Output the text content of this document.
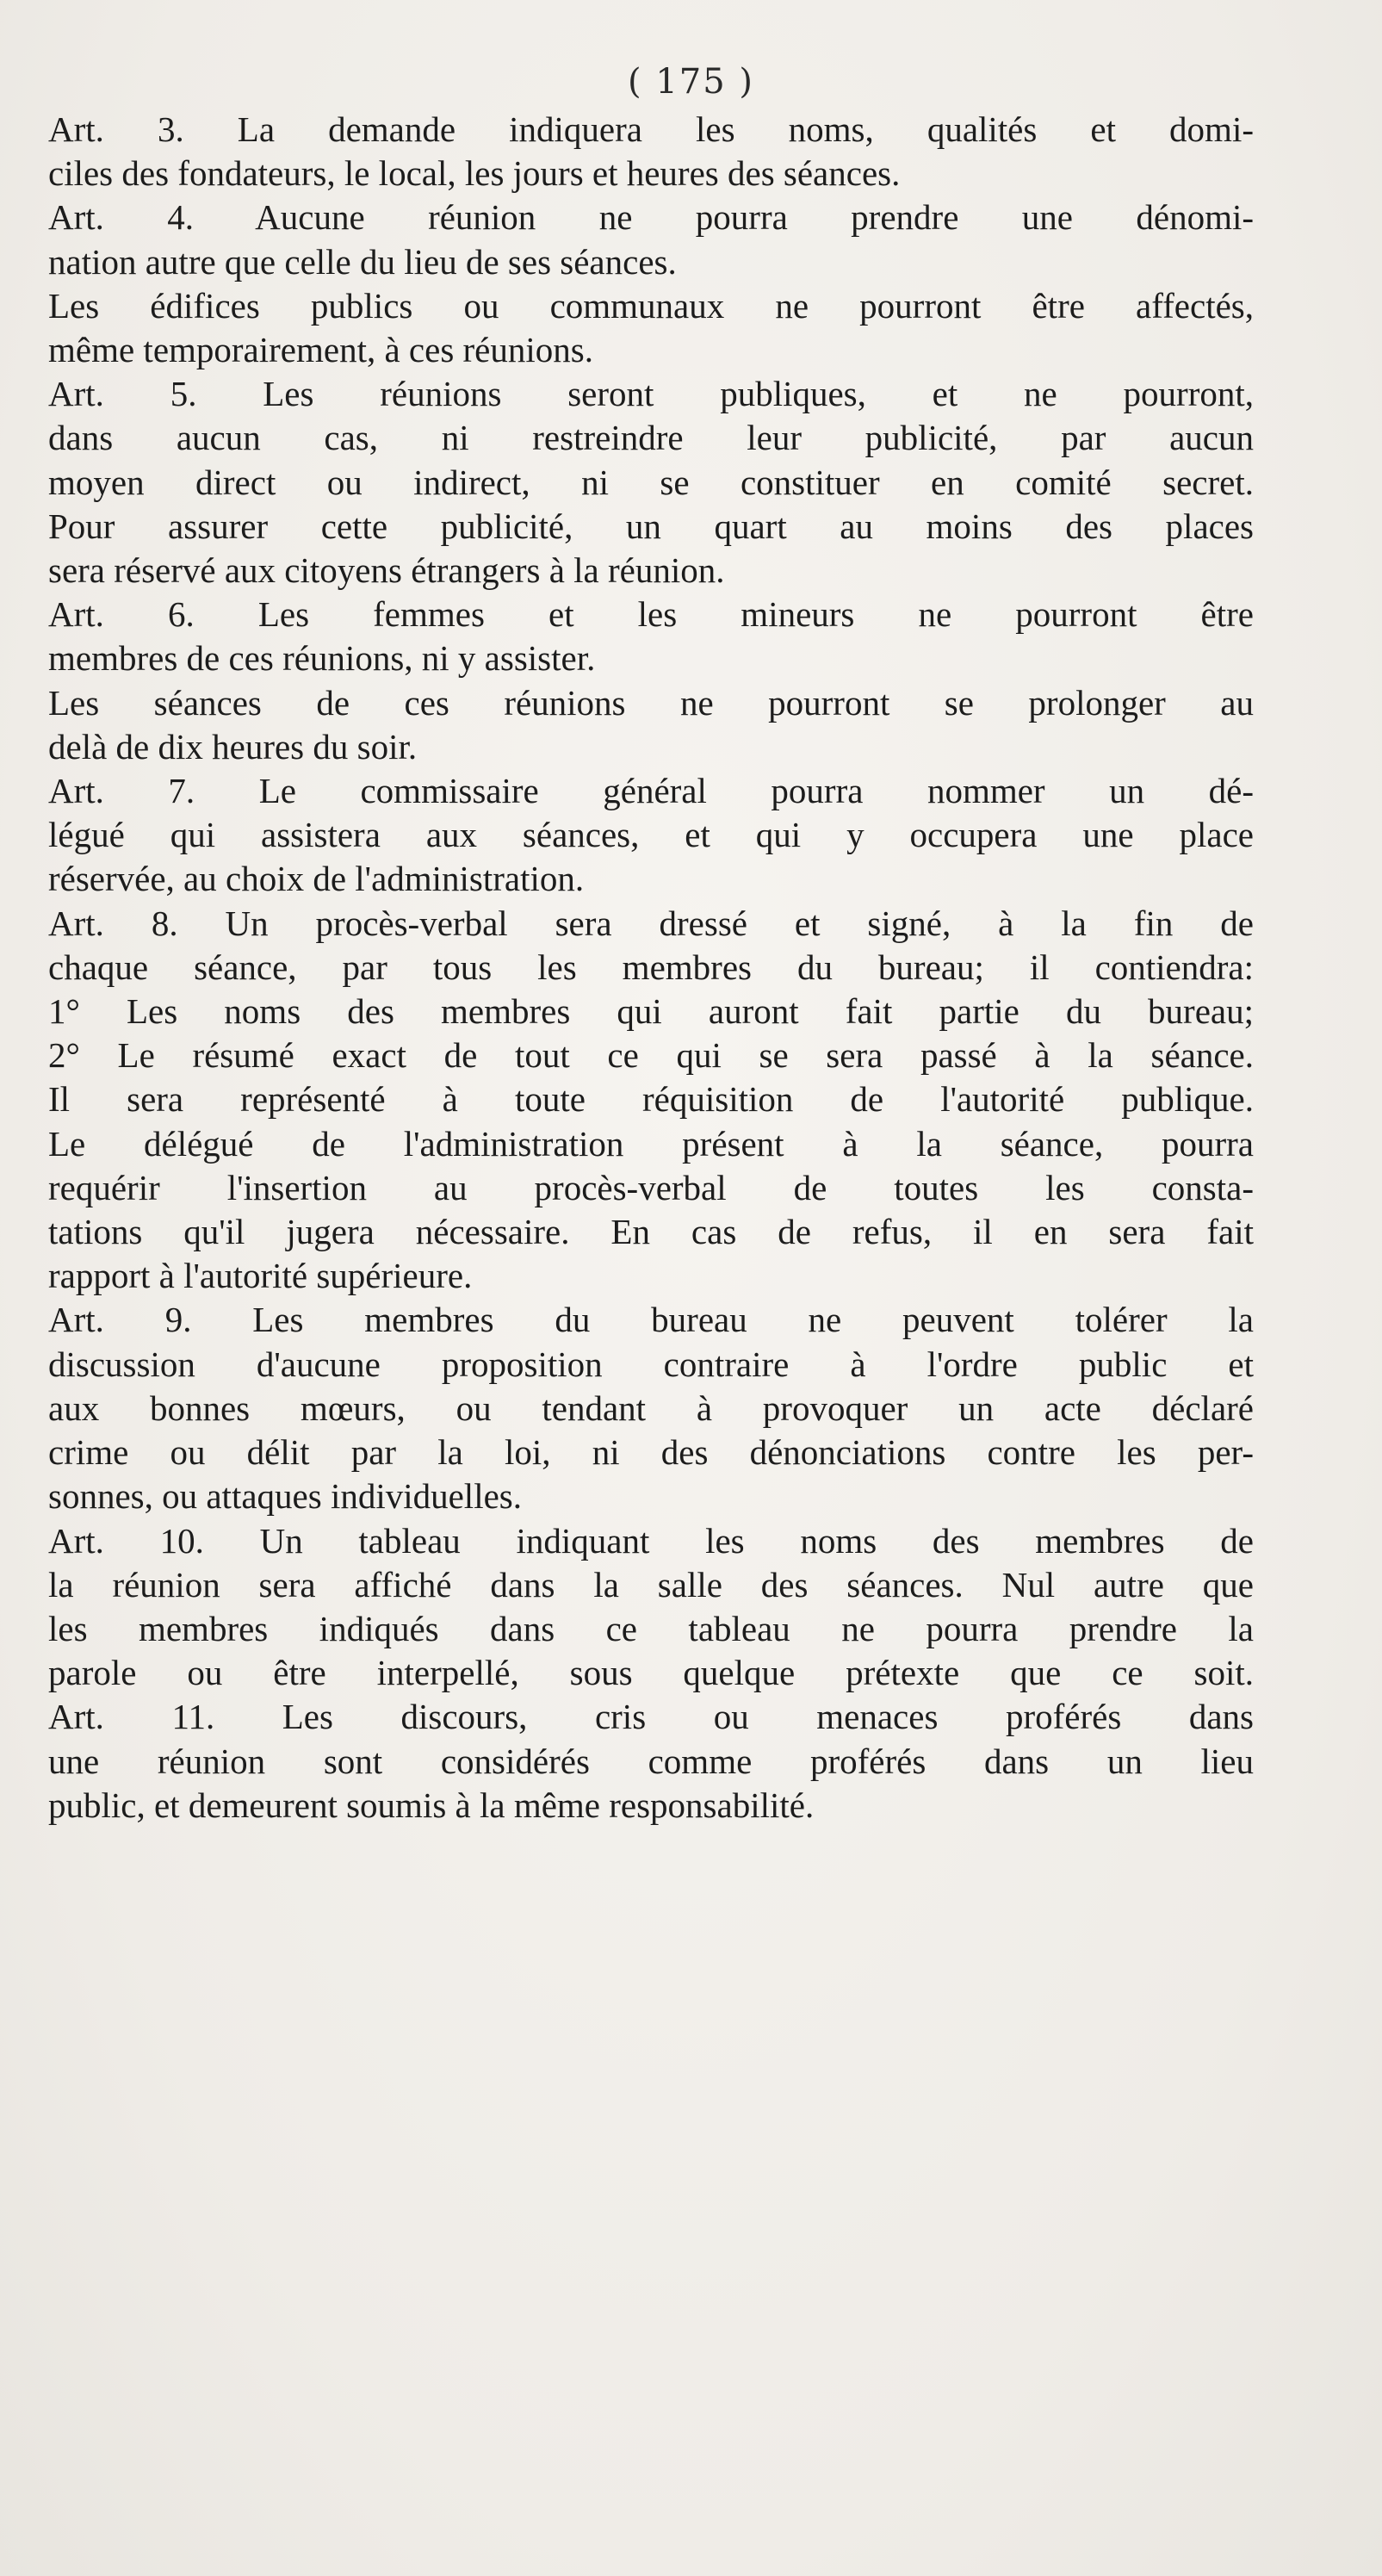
( 175 )
Art. 3. La demande indiquera les noms, qualités et domi-
ciles des fondateurs, le local, les jours et heures des séances.
Art. 4. Aucune réunion ne pourra prendre une dénomi-
nation autre que celle du lieu de ses séances.
Les édifices publics ou communaux ne pourront être affectés,
même temporairement, à ces réunions.
Art. 5. Les réunions seront publiques, et ne pourront,
dans aucun cas, ni restreindre leur publicité, par aucun
moyen direct ou indirect, ni se constituer en comité secret.
Pour assurer cette publicité, un quart au moins des places
sera réservé aux citoyens étrangers à la réunion.
Art. 6. Les femmes et les mineurs ne pourront être
membres de ces réunions, ni y assister.
Les séances de ces réunions ne pourront se prolonger au
delà de dix heures du soir.
Art. 7. Le commissaire général pourra nommer un dé-
légué qui assistera aux séances, et qui y occupera une place
réservée, au choix de l'administration.
Art. 8. Un procès-verbal sera dressé et signé, à la fin de
chaque séance, par tous les membres du bureau; il contiendra:
1° Les noms des membres qui auront fait partie du bureau;
2° Le résumé exact de tout ce qui se sera passé à la séance.
Il sera représenté à toute réquisition de l'autorité publique.
Le délégué de l'administration présent à la séance, pourra
requérir l'insertion au procès-verbal de toutes les consta-
tations qu'il jugera nécessaire. En cas de refus, il en sera fait
rapport à l'autorité supérieure.
Art. 9. Les membres du bureau ne peuvent tolérer la
discussion d'aucune proposition contraire à l'ordre public et
aux bonnes mœurs, ou tendant à provoquer un acte déclaré
crime ou délit par la loi, ni des dénonciations contre les per-
sonnes, ou attaques individuelles.
Art. 10. Un tableau indiquant les noms des membres de
la réunion sera affiché dans la salle des séances. Nul autre que
les membres indiqués dans ce tableau ne pourra prendre la
parole ou être interpellé, sous quelque prétexte que ce soit.
Art. 11. Les discours, cris ou menaces proférés dans
une réunion sont considérés comme proférés dans un lieu
public, et demeurent soumis à la même responsabilité.
